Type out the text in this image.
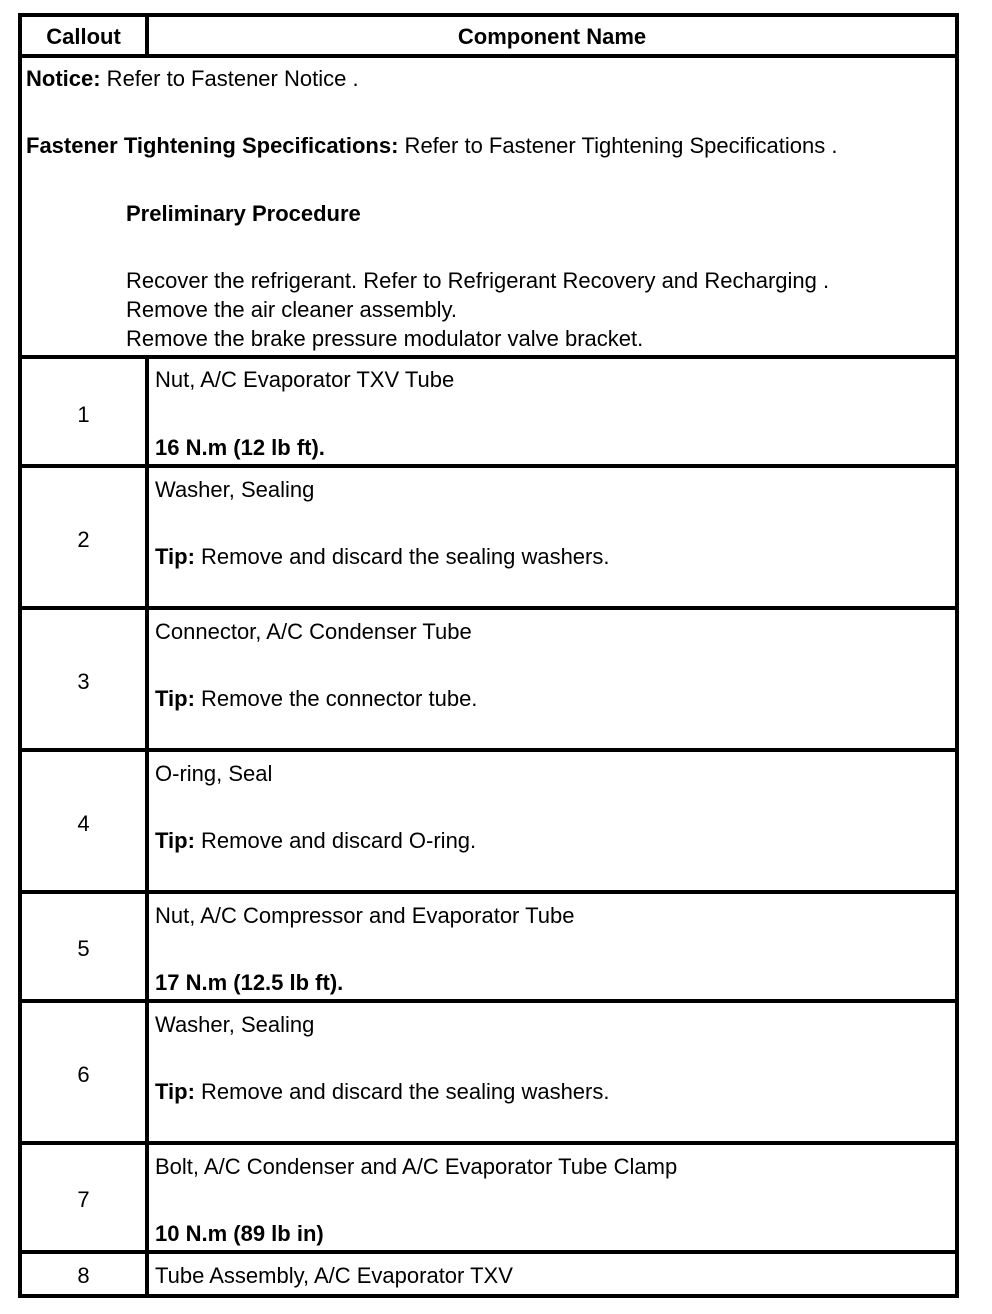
Callout	Component Name
Notice: Refer to Fastener Notice .
Fastener Tightening Specifications: Refer to Fastener Tightening Specifications .
Preliminary Procedure
Recover the refrigerant. Refer to Refrigerant Recovery and Recharging .
Remove the air cleaner assembly.
Remove the brake pressure modulator valve bracket.
1
Nut, A/C Evaporator TXV Tube
16 N.m (12 lb ft).
2
Washer, Sealing
Tip: Remove and discard the sealing washers.
3
Connector, A/C Condenser Tube
Tip: Remove the connector tube.
4
O-ring, Seal
Tip: Remove and discard O-ring.
5
Nut, A/C Compressor and Evaporator Tube
17 N.m (12.5 lb ft).
6
Washer, Sealing
Tip: Remove and discard the sealing washers.
7
Bolt, A/C Condenser and A/C Evaporator Tube Clamp
10 N.m (89 lb in)
8	Tube Assembly, A/C Evaporator TXV
